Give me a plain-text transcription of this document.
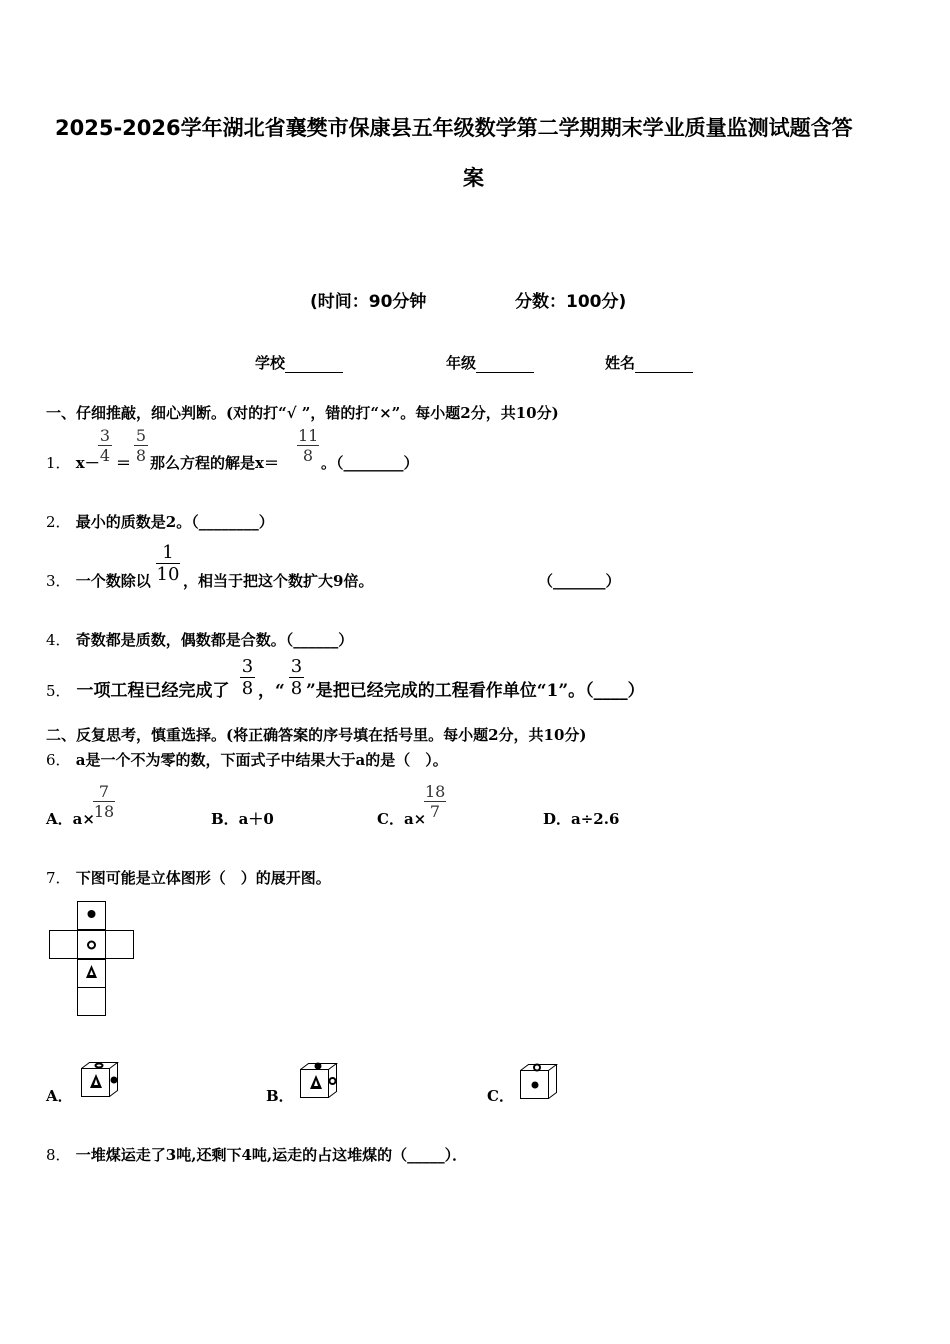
2025-2026学年湖北省襄樊市保康县五年级数学第二学期期末学业质量监测试题含答
案
(时间：90分钟	分数：100分)
学校	年级	姓名
一、仔细推敲，细心判断。(对的打“√ ”，错的打“×”。每小题2分，共10分)
1． x－
$\frac{3}{4} = \frac{5}{8}$ 那么方程的解是$x= \frac{11}{8}$ 。（________）
2． 最小的质数是2。（________）
3． 一个数除以 $\frac{1}{10}$ ，相当于把这个数扩大9倍。	（_______）
4． 奇数都是质数，偶数都是合数。（______）
5． 一项工程已经完成了 $\frac{3}{8}$ ，“ $\frac{3}{8}$ ”是把已经完成的工程看作单位“1”。（____）
二、反复思考，慎重选择。(将正确答案的序号填在括号里。每小题2分，共10分)
6． a是一个不为零的数，下面式子中结果大于a的是（　）。
A．a×
$\frac{7}{18}$	B．a＋0	C．a×
$\frac{18}{7}$	D．a÷2.6
7． 下图可能是立体图形（　）的展开图。
A．	B．	C．
8． 一堆煤运走了3吨,还剩下4吨,运走的占这堆煤的（_____）．
